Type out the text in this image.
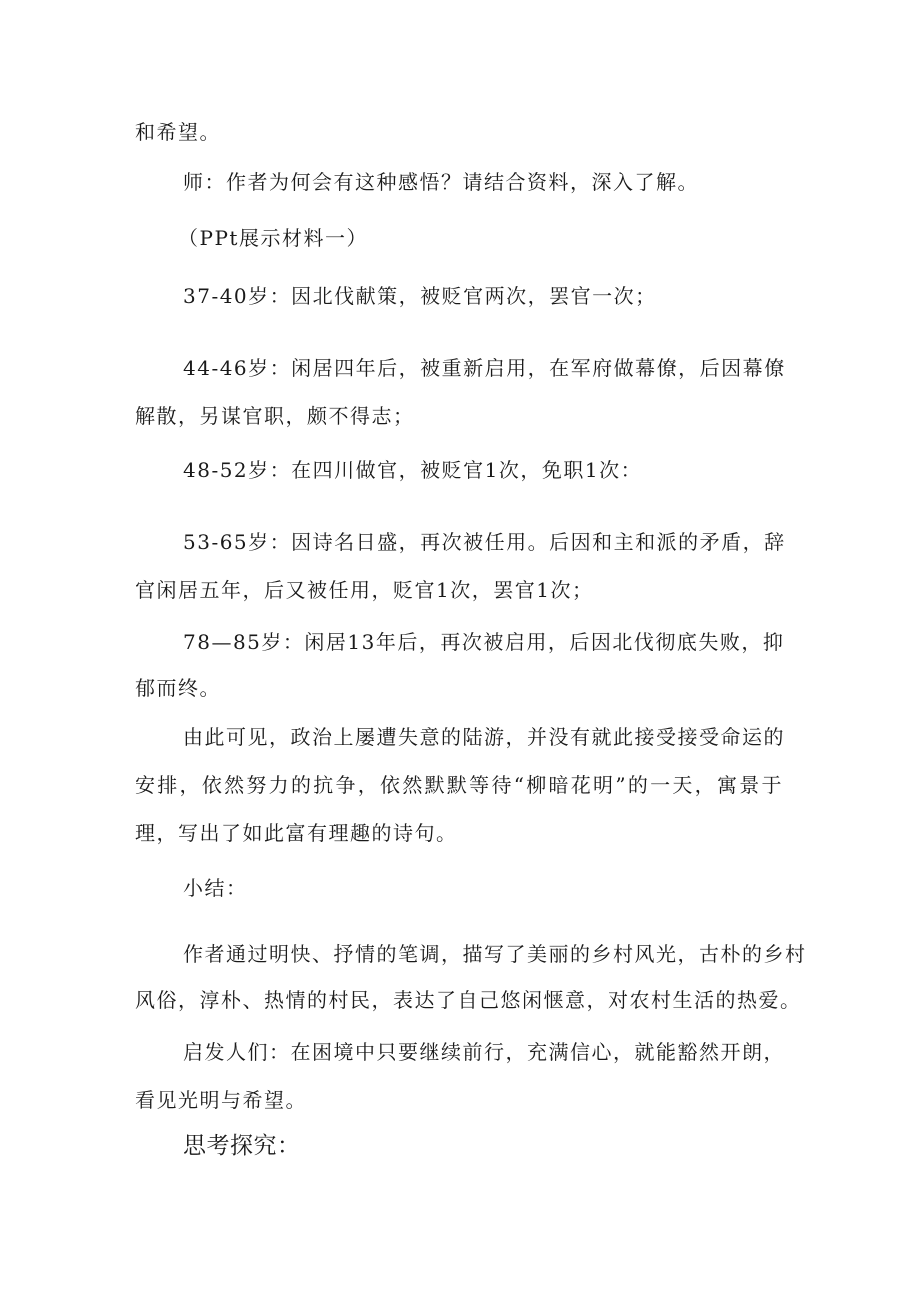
和希望。
师：作者为何会有这种感悟？请结合资料，深入了解。
（PPt展示材料一）
37-40岁：因北伐献策，被贬官两次，罢官一次；
44-46岁：闲居四年后，被重新启用，在军府做幕僚，后因幕僚
解散，另谋官职，颇不得志；
48-52岁：在四川做官，被贬官1次，免职1次：
53-65岁：因诗名日盛，再次被任用。后因和主和派的矛盾，辞
官闲居五年，后又被任用，贬官1次，罢官1次；
78—85岁：闲居13年后，再次被启用，后因北伐彻底失败，抑
郁而终。
由此可见，政治上屡遭失意的陆游，并没有就此接受接受命运的
安排，依然努力的抗争，依然默默等待“柳暗花明”的一天，寓景于
理，写出了如此富有理趣的诗句。
小结：
作者通过明快、抒情的笔调，描写了美丽的乡村风光，古朴的乡村
风俗，淳朴、热情的村民，表达了自己悠闲惬意，对农村生活的热爱。
启发人们：在困境中只要继续前行，充满信心，就能豁然开朗，
看见光明与希望。
思考探究：
